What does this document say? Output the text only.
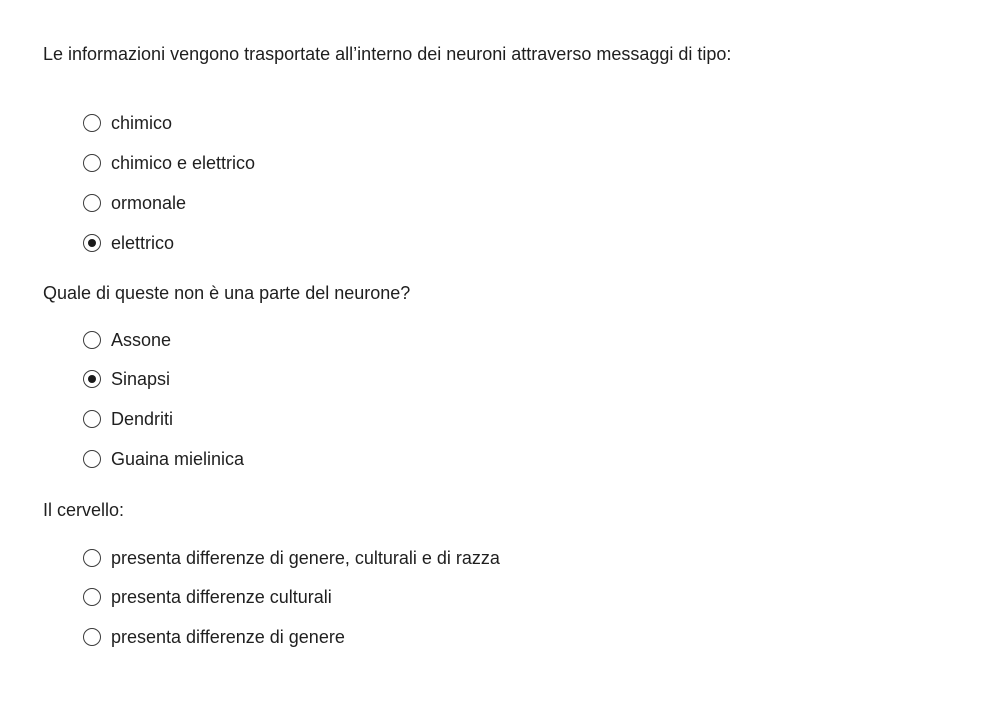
Le informazioni vengono trasportate all’interno dei neuroni attraverso messaggi di tipo:

chimico
chimico e elettrico
ormonale
elettrico

Quale di queste non è una parte del neurone?

Assone
Sinapsi
Dendriti
Guaina mielinica

Il cervello:

presenta differenze di genere, culturali e di razza
presenta differenze culturali
presenta differenze di genere
